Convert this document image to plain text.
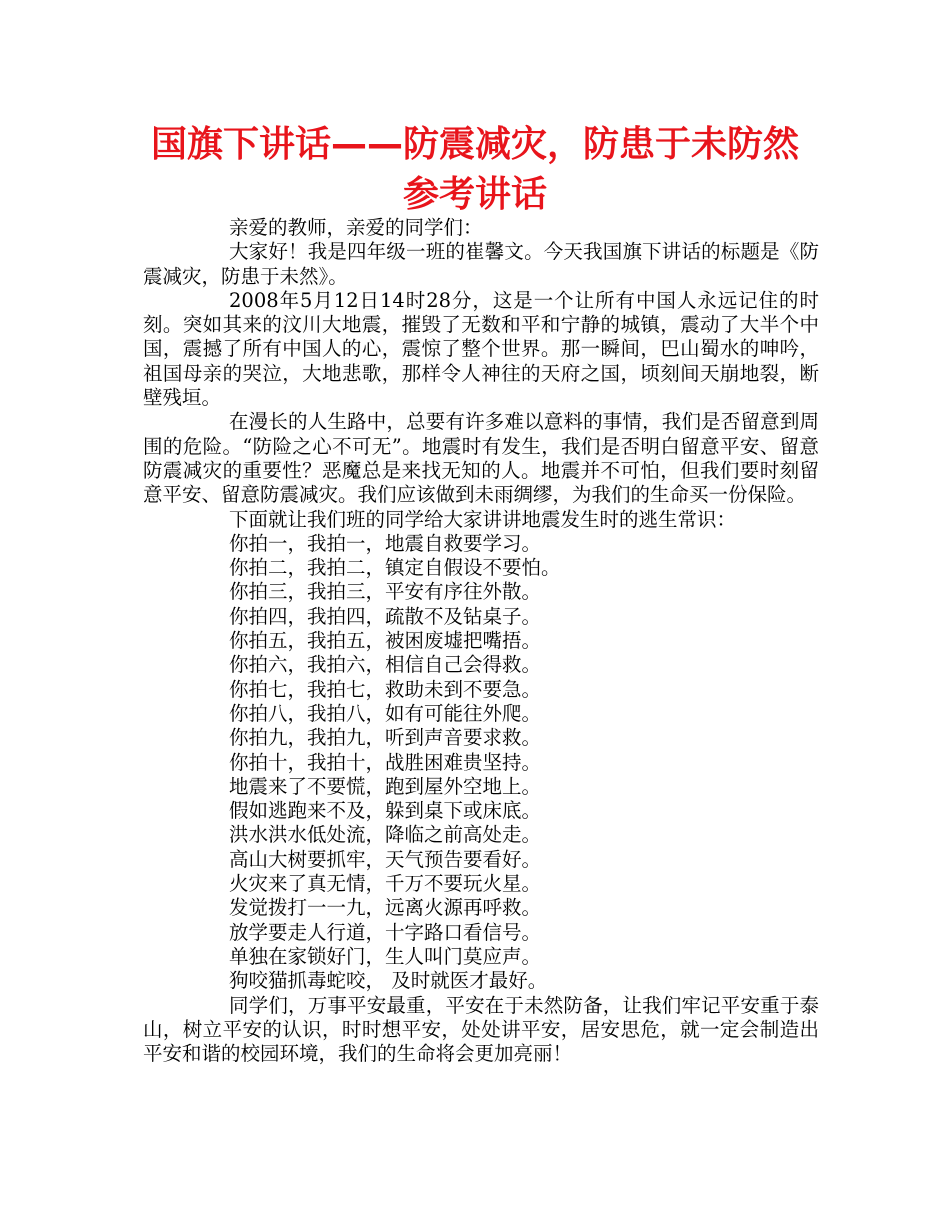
国旗下讲话——防震减灾，防患于未防然
参考讲话

亲爱的教师，亲爱的同学们：

大家好！我是四年级一班的崔馨文。今天我国旗下讲话的标题是《防震减灾，防患于未然》。

2008年5月12日14时28分，这是一个让所有中国人永远记住的时刻。突如其来的汶川大地震，摧毁了无数和平和宁静的城镇，震动了大半个中国，震撼了所有中国人的心，震惊了整个世界。那一瞬间，巴山蜀水的呻吟，祖国母亲的哭泣，大地悲歌，那样令人神往的天府之国，顷刻间天崩地裂，断壁残垣。

在漫长的人生路中，总要有许多难以意料的事情，我们是否留意到周围的危险。“防险之心不可无”。地震时有发生，我们是否明白留意平安、留意防震减灾的重要性？恶魔总是来找无知的人。地震并不可怕，但我们要时刻留意平安、留意防震减灾。我们应该做到未雨绸缪，为我们的生命买一份保险。

下面就让我们班的同学给大家讲讲地震发生时的逃生常识：

你拍一，我拍一，地震自救要学习。

你拍二，我拍二，镇定自假设不要怕。

你拍三，我拍三，平安有序往外散。

你拍四，我拍四，疏散不及钻桌子。

你拍五，我拍五，被困废墟把嘴捂。

你拍六，我拍六，相信自己会得救。

你拍七，我拍七，救助未到不要急。

你拍八，我拍八，如有可能往外爬。

你拍九，我拍九，听到声音要求救。

你拍十，我拍十，战胜困难贵坚持。

地震来了不要慌，跑到屋外空地上。

假如逃跑来不及，躲到桌下或床底。

洪水洪水低处流，降临之前高处走。

高山大树要抓牢，天气预告要看好。

火灾来了真无情，千万不要玩火星。

发觉拨打一一九，远离火源再呼救。

放学要走人行道，十字路口看信号。

单独在家锁好门，生人叫门莫应声。

狗咬猫抓毒蛇咬， 及时就医才最好。

同学们，万事平安最重，平安在于未然防备，让我们牢记平安重于泰山，树立平安的认识，时时想平安，处处讲平安，居安思危，就一定会制造出平安和谐的校园环境，我们的生命将会更加亮丽！
